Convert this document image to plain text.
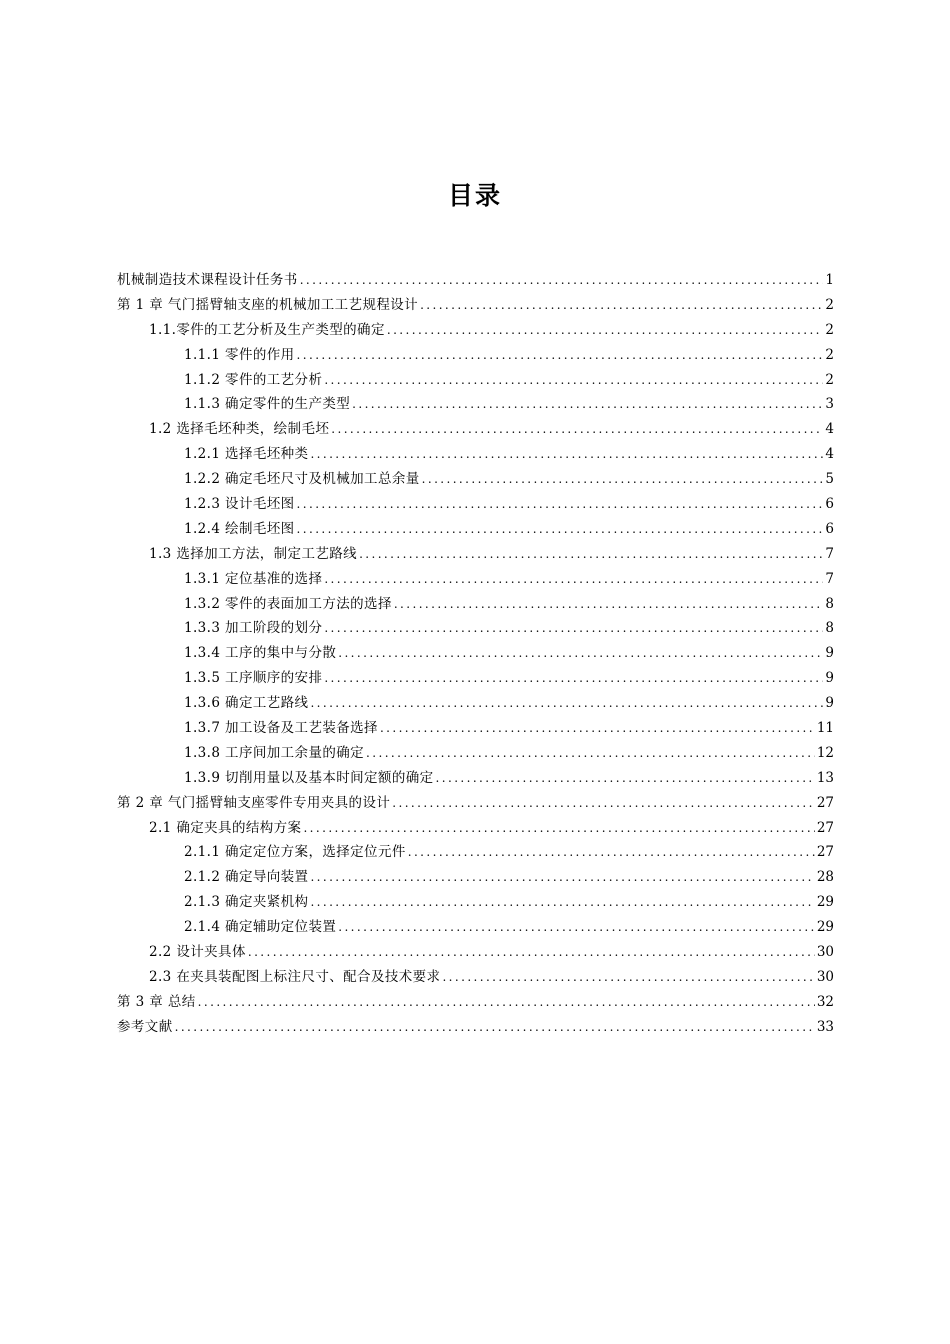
目录
机械制造技术课程设计任务书 .....	1
第 1 章 气门摇臂轴支座的机械加工工艺规程设计 .....	2
1.1.零件的工艺分析及生产类型的确定 .....	2
1.1.1 零件的作用 .....	2
1.1.2 零件的工艺分析 .....	2
1.1.3 确定零件的生产类型 .....	3
1.2 选择毛坯种类，绘制毛坯 .....	4
1.2.1 选择毛坯种类 .....	4
1.2.2 确定毛坯尺寸及机械加工总余量 .....	5
1.2.3 设计毛坯图 .....	6
1.2.4 绘制毛坯图 .....	6
1.3 选择加工方法，制定工艺路线 .....	7
1.3.1 定位基准的选择 .....	7
1.3.2 零件的表面加工方法的选择 .....	8
1.3.3 加工阶段的划分 .....	8
1.3.4 工序的集中与分散 .....	9
1.3.5 工序顺序的安排 .....	9
1.3.6 确定工艺路线 .....	9
1.3.7 加工设备及工艺装备选择 .....	11
1.3.8 工序间加工余量的确定 .....	12
1.3.9 切削用量以及基本时间定额的确定 .....	13
第 2 章 气门摇臂轴支座零件专用夹具的设计 .....	27
2.1 确定夹具的结构方案 .....	27
2.1.1 确定定位方案，选择定位元件 .....	27
2.1.2 确定导向装置 .....	28
2.1.3 确定夹紧机构 .....	29
2.1.4 确定辅助定位装置 .....	29
2.2 设计夹具体 .....	30
2.3 在夹具装配图上标注尺寸、配合及技术要求 .....	30
第 3 章 总结 .....	32
参考文献 .....	33
